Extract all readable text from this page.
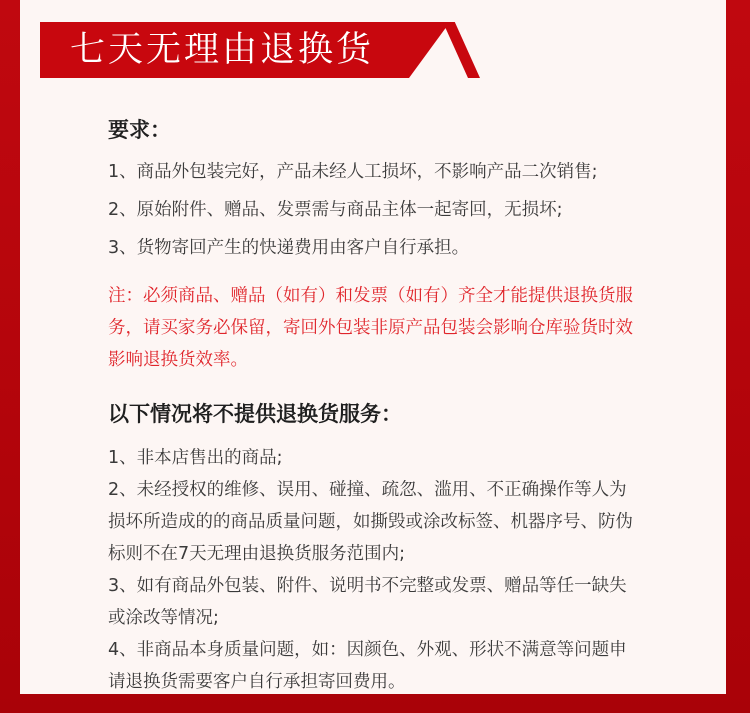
七天无理由退换货

要求：

1、商品外包装完好，产品未经人工损坏，不影响产品二次销售;

2、原始附件、赠品、发票需与商品主体一起寄回，无损坏;

3、货物寄回产生的快递费用由客户自行承担。

注：必须商品、赠品（如有）和发票（如有）齐全才能提供退换货服
务，请买家务必保留，寄回外包装非原产品包装会影响仓库验货时效
影响退换货效率。

以下情况将不提供退换货服务：

1、非本店售出的商品;

2、未经授权的维修、误用、碰撞、疏忽、滥用、不正确操作等人为

损坏所造成的的商品质量问题，如撕毁或涂改标签、机器序号、防伪

标则不在7天无理由退换货服务范围内;

3、如有商品外包装、附件、说明书不完整或发票、赠品等任一缺失

或涂改等情况;

4、非商品本身质量问题，如：因颜色、外观、形状不满意等问题申

请退换货需要客户自行承担寄回费用。
